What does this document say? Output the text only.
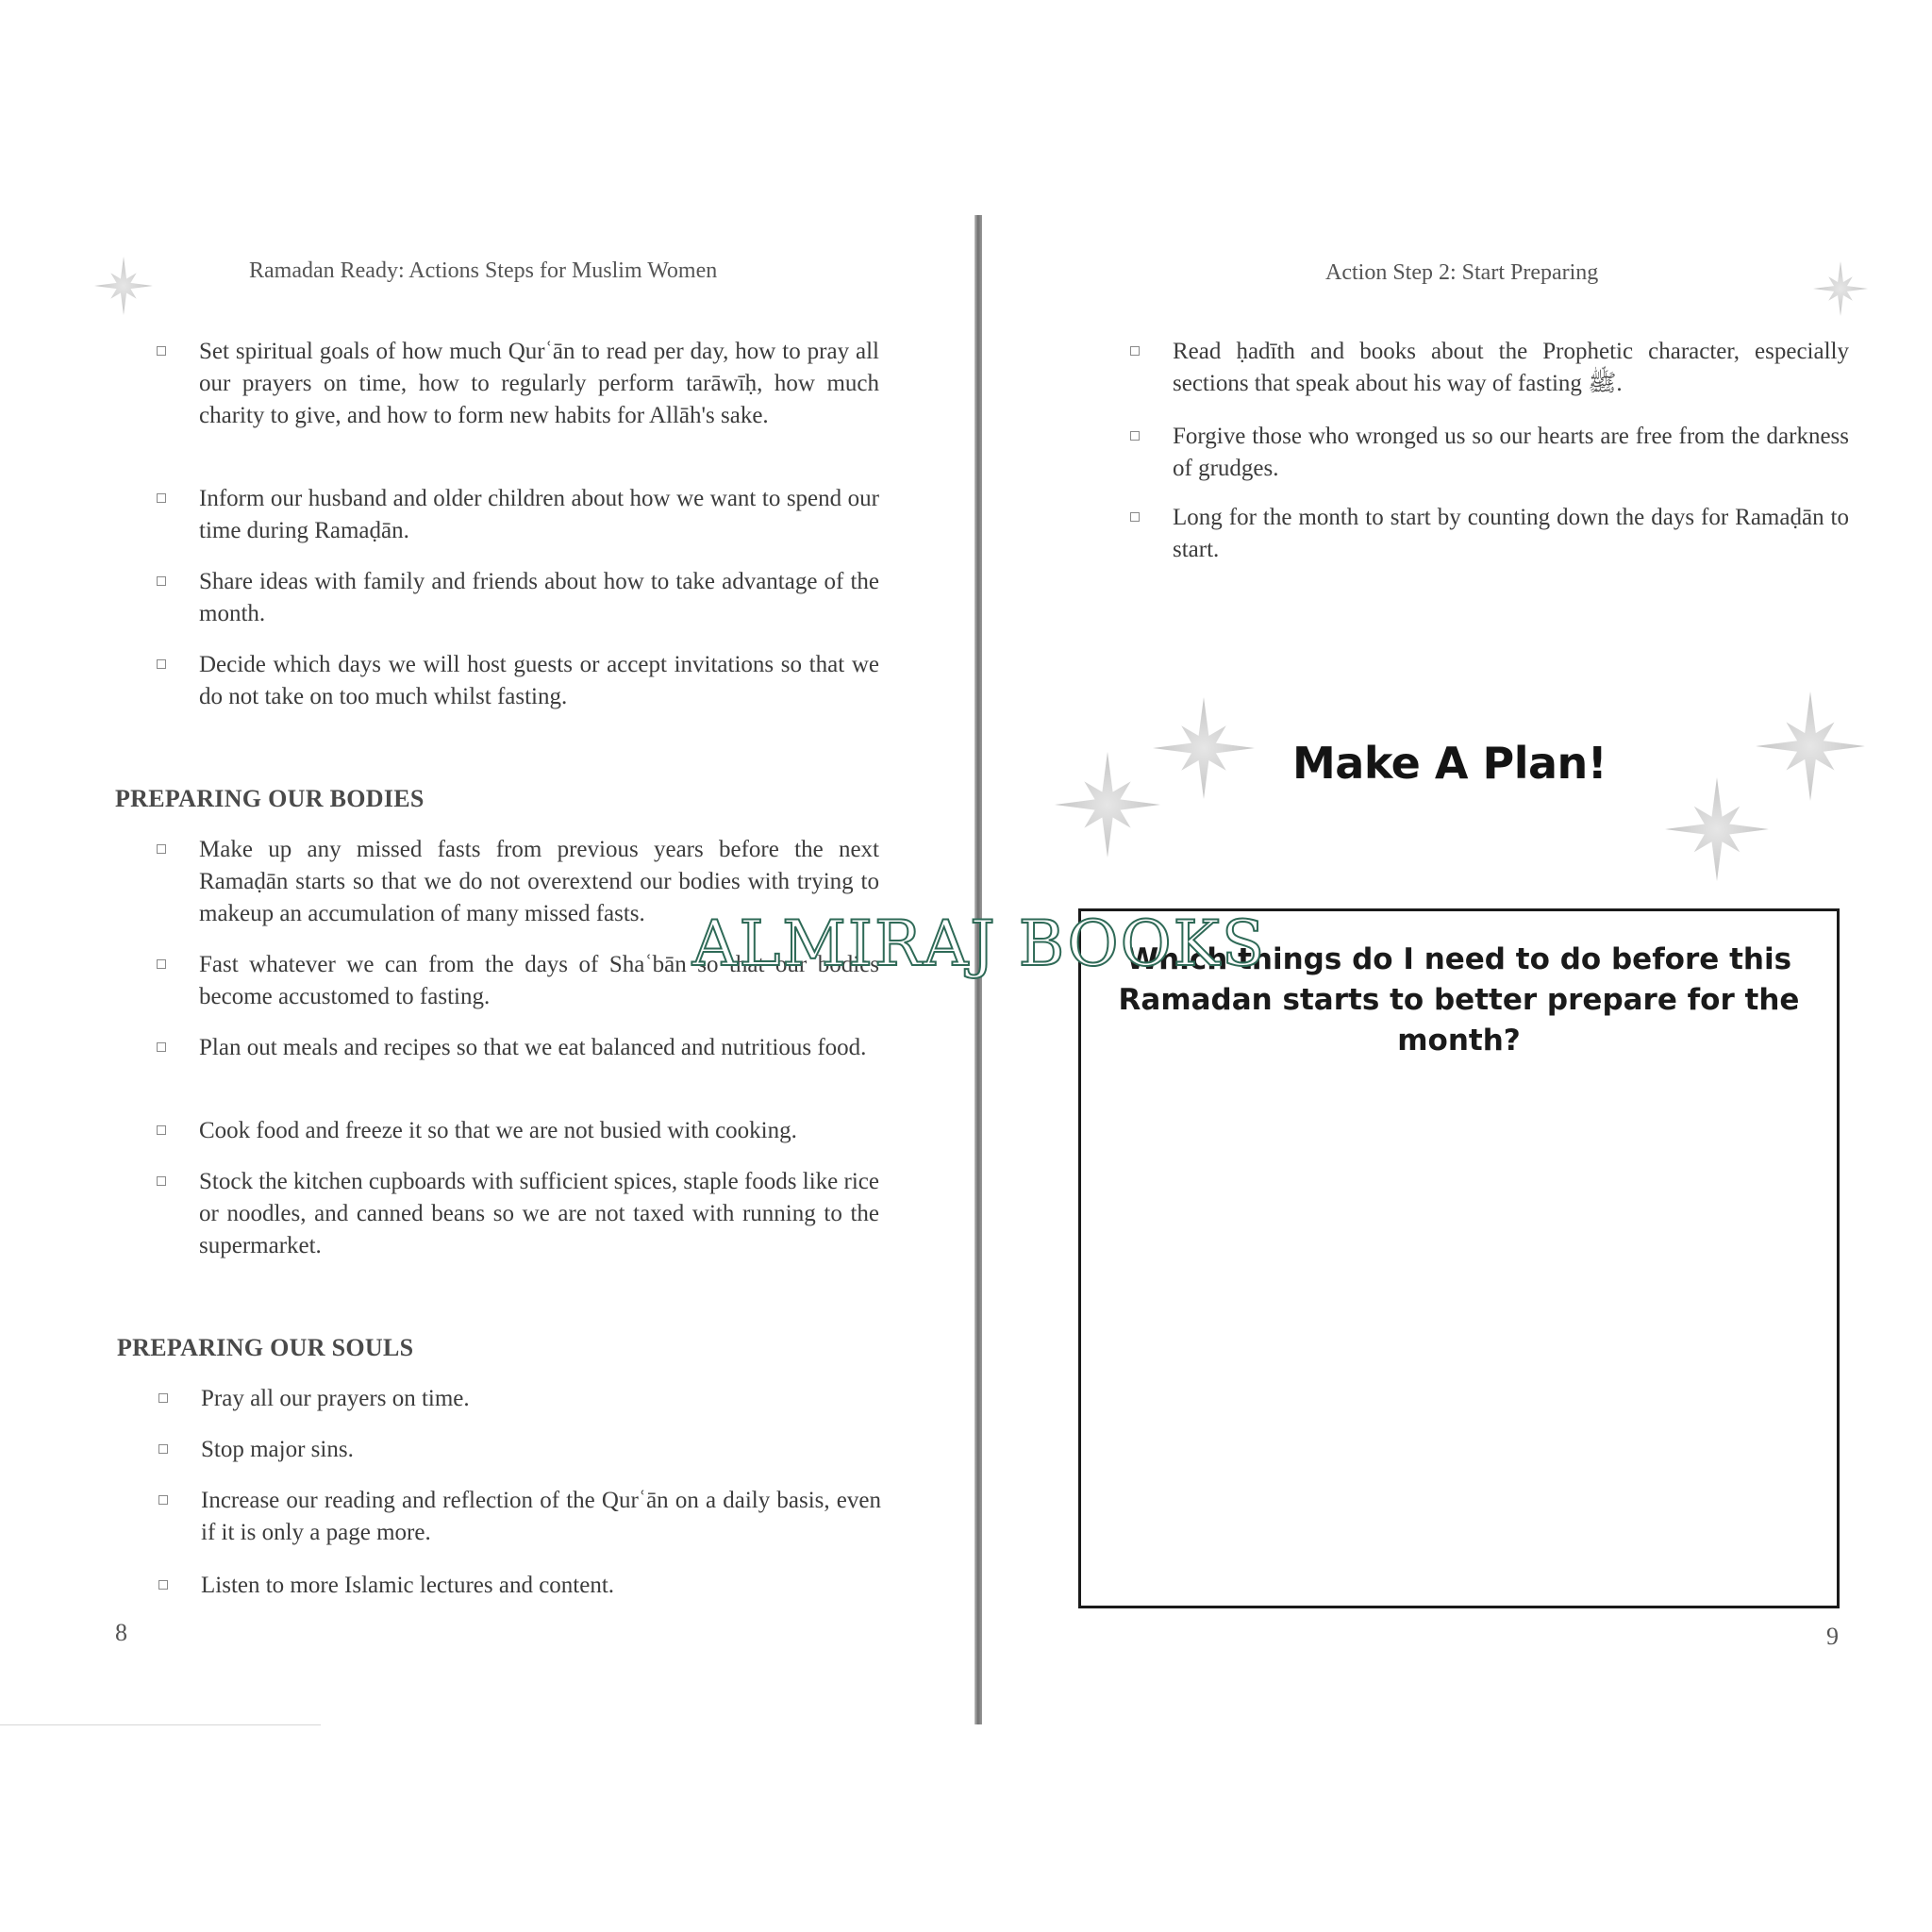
Ramadan Ready: Actions Steps for Muslim Women
Set spiritual goals of how much Qurʿān to read per day, how to pray all our prayers on time, how to regularly perform tarāwīḥ, how much charity to give, and how to form new habits for Allāh's sake.
Inform our husband and older children about how we want to spend our time during Ramaḍān.
Share ideas with family and friends about how to take advantage of the month.
Decide which days we will host guests or accept invitations so that we do not take on too much whilst fasting.
PREPARING OUR BODIES
Make up any missed fasts from previous years before the next Ramaḍān starts so that we do not overextend our bodies with trying to makeup an accumulation of many missed fasts.
Fast whatever we can from the days of Shaʿbān so that our bodies become accustomed to fasting.
Plan out meals and recipes so that we eat balanced and nutritious food.
Cook food and freeze it so that we are not busied with cooking.
Stock the kitchen cupboards with sufficient spices, staple foods like rice or noodles, and canned beans so we are not taxed with running to the supermarket.
PREPARING OUR SOULS
Pray all our prayers on time.
Stop major sins.
Increase our reading and reflection of the Qurʿān on a daily basis, even if it is only a page more.
Listen to more Islamic lectures and content.
8
Action Step 2: Start Preparing
Read ḥadīth and books about the Prophetic character, especially sections that speak about his way of fasting ﷺ.
Forgive those who wronged us so our hearts are free from the darkness of grudges.
Long for the month to start by counting down the days for Ramaḍān to start.
Make A Plan!
Which things do I need to do before this Ramadan starts to better prepare for the month?
9
ALMIRAJ BOOKS
